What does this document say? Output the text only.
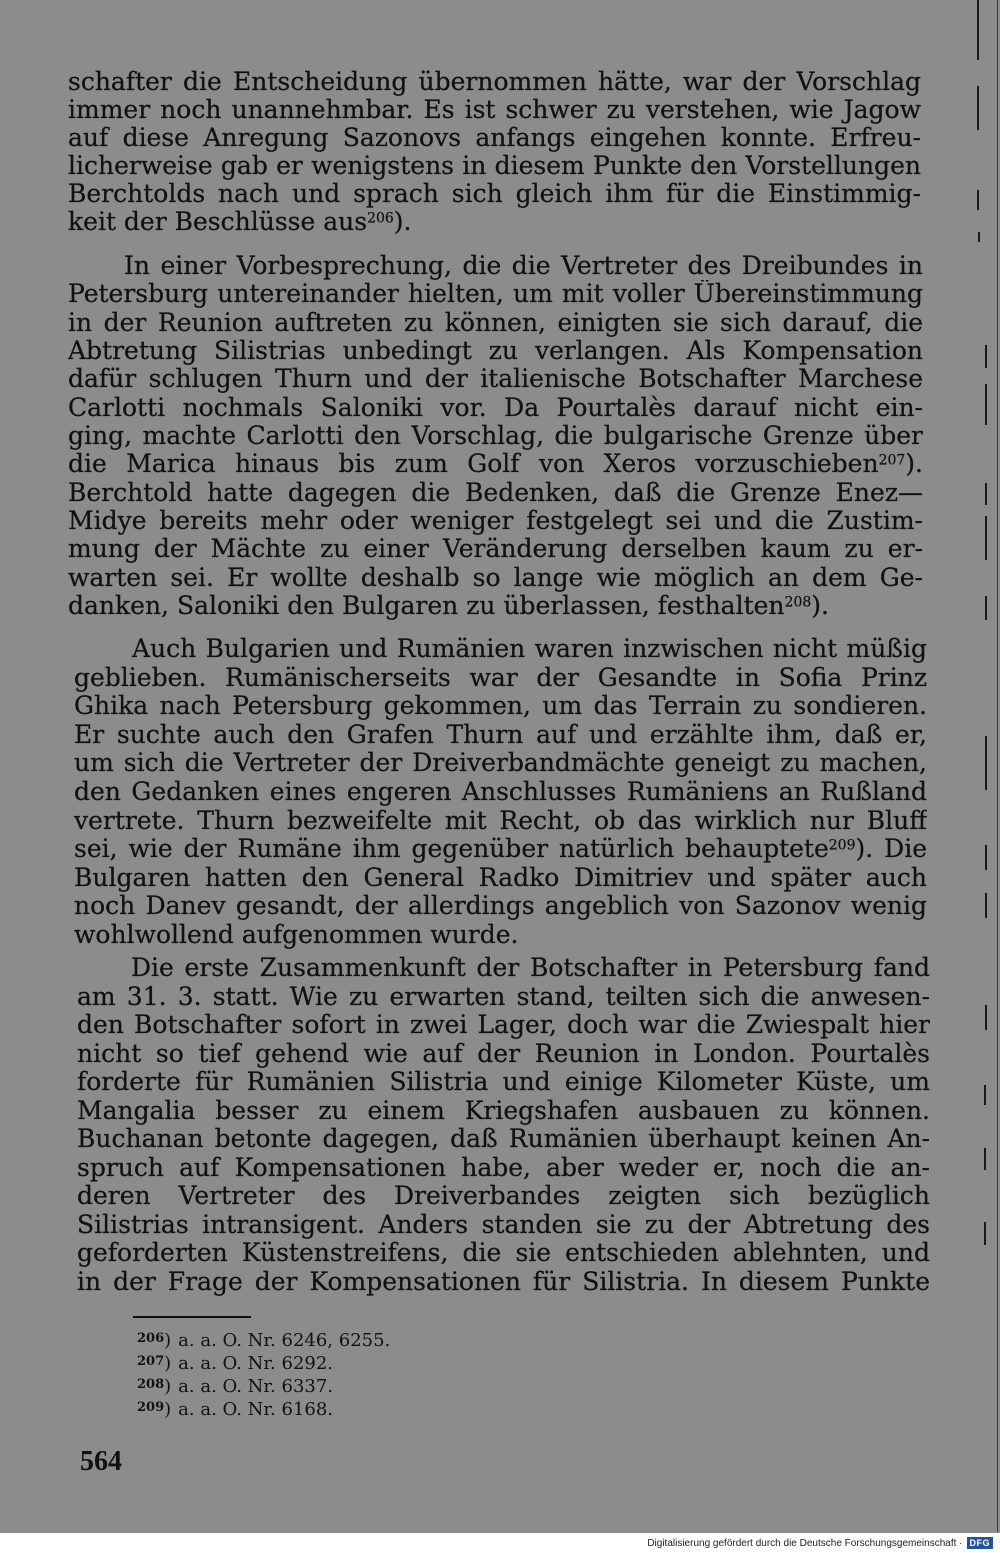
schafter die Entscheidung übernommen hätte, war der Vorschlag
immer noch unannehmbar. Es ist schwer zu verstehen, wie Jagow
auf diese Anregung Sazonovs anfangs eingehen konnte. Erfreu-
licherweise gab er wenigstens in diesem Punkte den Vorstellungen
Berchtolds nach und sprach sich gleich ihm für die Einstimmig-
keit der Beschlüsse aus$^{206}$).
In einer Vorbesprechung, die die Vertreter des Dreibundes in
Petersburg untereinander hielten, um mit voller Übereinstimmung
in der Reunion auftreten zu können, einigten sie sich darauf, die
Abtretung Silistrias unbedingt zu verlangen. Als Kompensation
dafür schlugen Thurn und der italienische Botschafter Marchese
Carlotti nochmals Saloniki vor. Da Pourtalès darauf nicht ein-
ging, machte Carlotti den Vorschlag, die bulgarische Grenze über
die Marica hinaus bis zum Golf von Xeros vorzuschieben$^{207}$).
Berchtold hatte dagegen die Bedenken, daß die Grenze Enez—
Midye bereits mehr oder weniger festgelegt sei und die Zustim-
mung der Mächte zu einer Veränderung derselben kaum zu er-
warten sei. Er wollte deshalb so lange wie möglich an dem Ge-
danken, Saloniki den Bulgaren zu überlassen, festhalten$^{208}$).
Auch Bulgarien und Rumänien waren inzwischen nicht müßig
geblieben. Rumänischerseits war der Gesandte in Sofia Prinz
Ghika nach Petersburg gekommen, um das Terrain zu sondieren.
Er suchte auch den Grafen Thurn auf und erzählte ihm, daß er,
um sich die Vertreter der Dreiverbandmächte geneigt zu machen,
den Gedanken eines engeren Anschlusses Rumäniens an Rußland
vertrete. Thurn bezweifelte mit Recht, ob das wirklich nur Bluff
sei, wie der Rumäne ihm gegenüber natürlich behauptete$^{209}$). Die
Bulgaren hatten den General Radko Dimitriev und später auch
noch Danev gesandt, der allerdings angeblich von Sazonov wenig
wohlwollend aufgenommen wurde.
Die erste Zusammenkunft der Botschafter in Petersburg fand
am 31. 3. statt. Wie zu erwarten stand, teilten sich die anwesen-
den Botschafter sofort in zwei Lager, doch war die Zwiespalt hier
nicht so tief gehend wie auf der Reunion in London. Pourtalès
forderte für Rumänien Silistria und einige Kilometer Küste, um
Mangalia besser zu einem Kriegshafen ausbauen zu können.
Buchanan betonte dagegen, daß Rumänien überhaupt keinen An-
spruch auf Kompensationen habe, aber weder er, noch die an-
deren Vertreter des Dreiverbandes zeigten sich bezüglich
Silistrias intransigent. Anders standen sie zu der Abtretung des
geforderten Küstenstreifens, die sie entschieden ablehnten, und
in der Frage der Kompensationen für Silistria. In diesem Punkte
$^{206}$) a. a. O. Nr. 6246, 6255.
$^{207}$) a. a. O. Nr. 6292.
$^{208}$) a. a. O. Nr. 6337.
$^{209}$) a. a. O. Nr. 6168.
564
Digitalisierung gefördert durch die Deutsche Forschungsgemeinschaft · DFG
